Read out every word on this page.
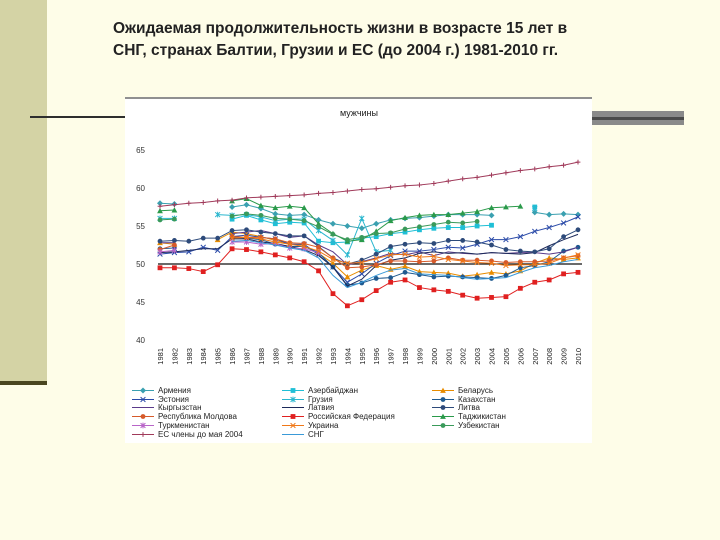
Ожидаемая продолжительность жизни в возрасте 15 лет в
СНГ, странах Балтии, Грузии и ЕС (до 2004 г.) 1981-2010 гг.
мужчины
40
45
50
55
60
65
1981 1982 1983 1984 1985 1986 1987 1988 1989 1990 1991 1992 1993 1994 1995 1996 1997 1998 1999 2000 2001 2002 2003 2004 2005 2006 2007 2008 2009 2010
Армения	Азербайджан	Беларусь
Эстония	Грузия	Казахстан
Кыргызстан	Латвия	Литва
Республика Молдова	Российская Федерация	Таджикистан
Туркменистан	Украина	Узбекистан
ЕС члены до мая 2004	СНГ
